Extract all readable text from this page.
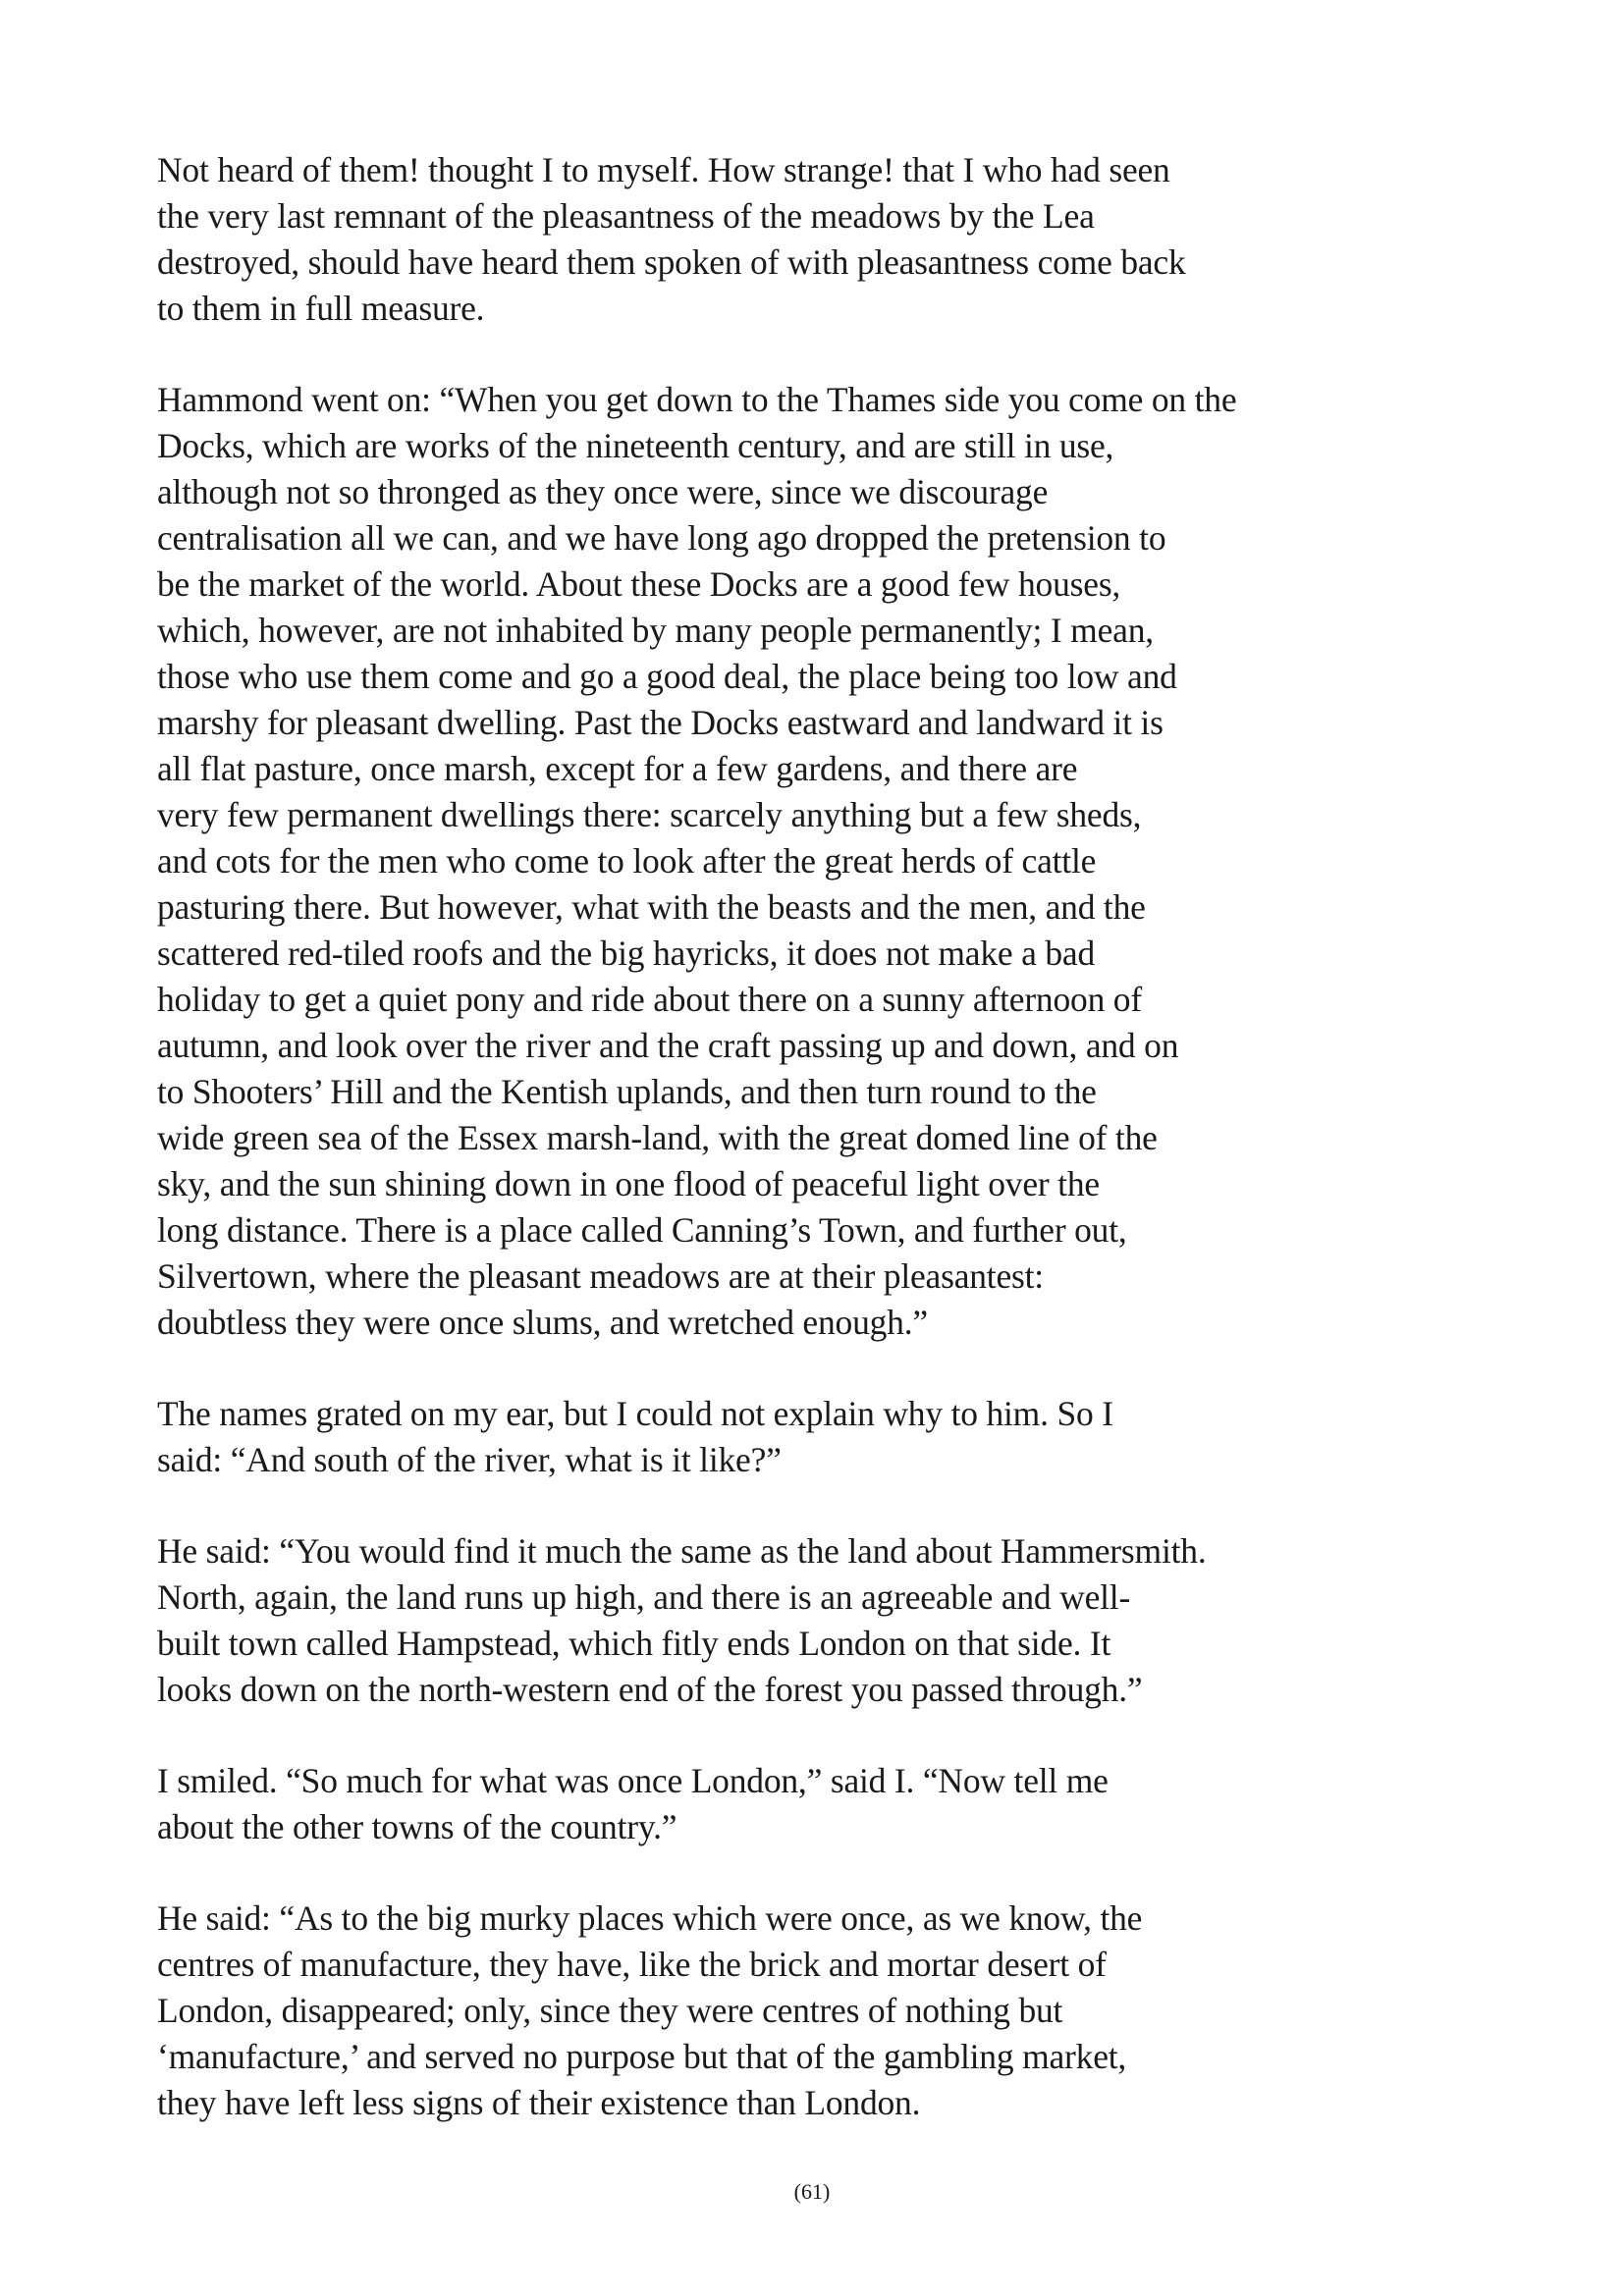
Not heard of them! thought I to myself. How strange! that I who had seen
the very last remnant of the pleasantness of the meadows by the Lea
destroyed, should have heard them spoken of with pleasantness come back
to them in full measure.

Hammond went on: “When you get down to the Thames side you come on the
Docks, which are works of the nineteenth century, and are still in use,
although not so thronged as they once were, since we discourage
centralisation all we can, and we have long ago dropped the pretension to
be the market of the world. About these Docks are a good few houses,
which, however, are not inhabited by many people permanently; I mean,
those who use them come and go a good deal, the place being too low and
marshy for pleasant dwelling. Past the Docks eastward and landward it is
all flat pasture, once marsh, except for a few gardens, and there are
very few permanent dwellings there: scarcely anything but a few sheds,
and cots for the men who come to look after the great herds of cattle
pasturing there. But however, what with the beasts and the men, and the
scattered red-tiled roofs and the big hayricks, it does not make a bad
holiday to get a quiet pony and ride about there on a sunny afternoon of
autumn, and look over the river and the craft passing up and down, and on
to Shooters’ Hill and the Kentish uplands, and then turn round to the
wide green sea of the Essex marsh-land, with the great domed line of the
sky, and the sun shining down in one flood of peaceful light over the
long distance. There is a place called Canning’s Town, and further out,
Silvertown, where the pleasant meadows are at their pleasantest:
doubtless they were once slums, and wretched enough.”

The names grated on my ear, but I could not explain why to him. So I
said: “And south of the river, what is it like?”

He said: “You would find it much the same as the land about Hammersmith.
North, again, the land runs up high, and there is an agreeable and well-
built town called Hampstead, which fitly ends London on that side. It
looks down on the north-western end of the forest you passed through.”

I smiled. “So much for what was once London,” said I. “Now tell me
about the other towns of the country.”

He said: “As to the big murky places which were once, as we know, the
centres of manufacture, they have, like the brick and mortar desert of
London, disappeared; only, since they were centres of nothing but
‘manufacture,’ and served no purpose but that of the gambling market,
they have left less signs of their existence than London.

(61)
